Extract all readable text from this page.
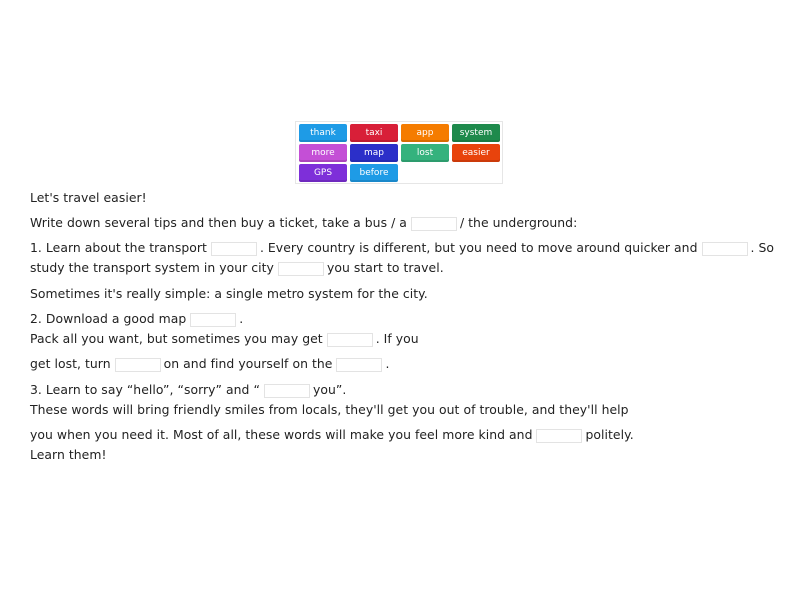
thank	taxi	app	system
more	map	lost	easier
GPS	before
Let's travel easier!
Write down several tips and then buy a ticket, take a bus / a	/ the underground:
1. Learn about the transport	. Every country is different, but you need to move around quicker and	. So
study the transport system in your city	you start to travel.
Sometimes it's really simple: a single metro system for the city.
2. Download a good map	.
Pack all you want, but sometimes you may get	. If you
get lost, turn	on and find yourself on the	.
3. Learn to say “hello”, “sorry” and “	you”.
These words will bring friendly smiles from locals, they'll get you out of trouble, and they'll help
you when you need it. Most of all, these words will make you feel more kind and	politely.
Learn them!
